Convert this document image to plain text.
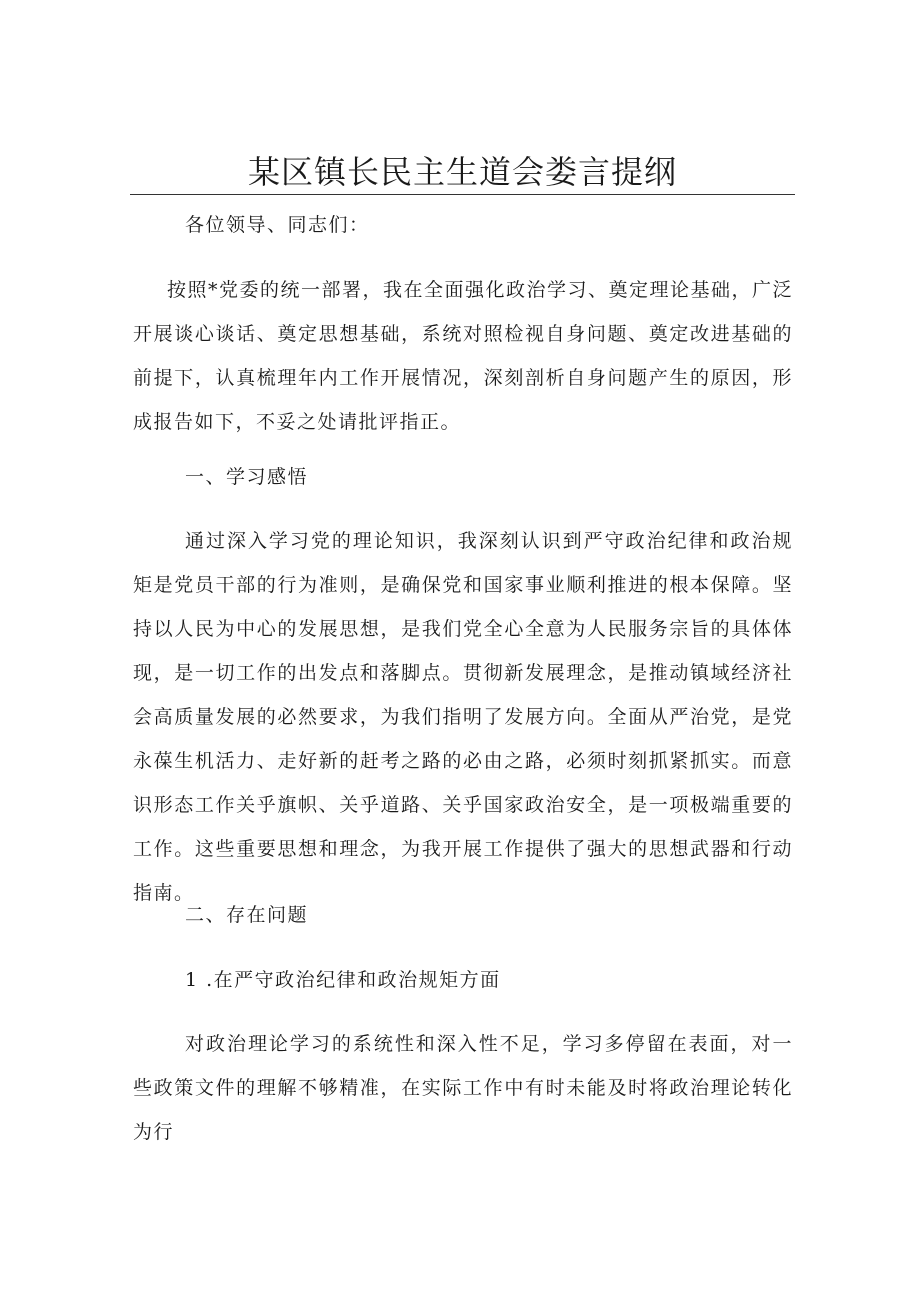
某区镇长民主生道会娄言提纲

各位领导、同志们：

按照*党委的统一部署，我在全面强化政治学习、奠定理论基础，广泛开展谈心谈话、奠定思想基础，系统对照检视自身问题、奠定改进基础的前提下，认真梳理年内工作开展情况，深刻剖析自身问题产生的原因，形成报告如下，不妥之处请批评指正。

一、学习感悟

通过深入学习党的理论知识，我深刻认识到严守政治纪律和政治规矩是党员干部的行为准则，是确保党和国家事业顺利推进的根本保障。坚持以人民为中心的发展思想，是我们党全心全意为人民服务宗旨的具体体现，是一切工作的出发点和落脚点。贯彻新发展理念，是推动镇域经济社会高质量发展的必然要求，为我们指明了发展方向。全面从严治党，是党永葆生机活力、走好新的赶考之路的必由之路，必须时刻抓紧抓实。而意识形态工作关乎旗帜、关乎道路、关乎国家政治安全，是一项极端重要的工作。这些重要思想和理念，为我开展工作提供了强大的思想武器和行动指南。

二、存在问题

1 .在严守政治纪律和政治规矩方面

对政治理论学习的系统性和深入性不足，学习多停留在表面，对一些政策文件的理解不够精准，在实际工作中有时未能及时将政治理论转化为行
